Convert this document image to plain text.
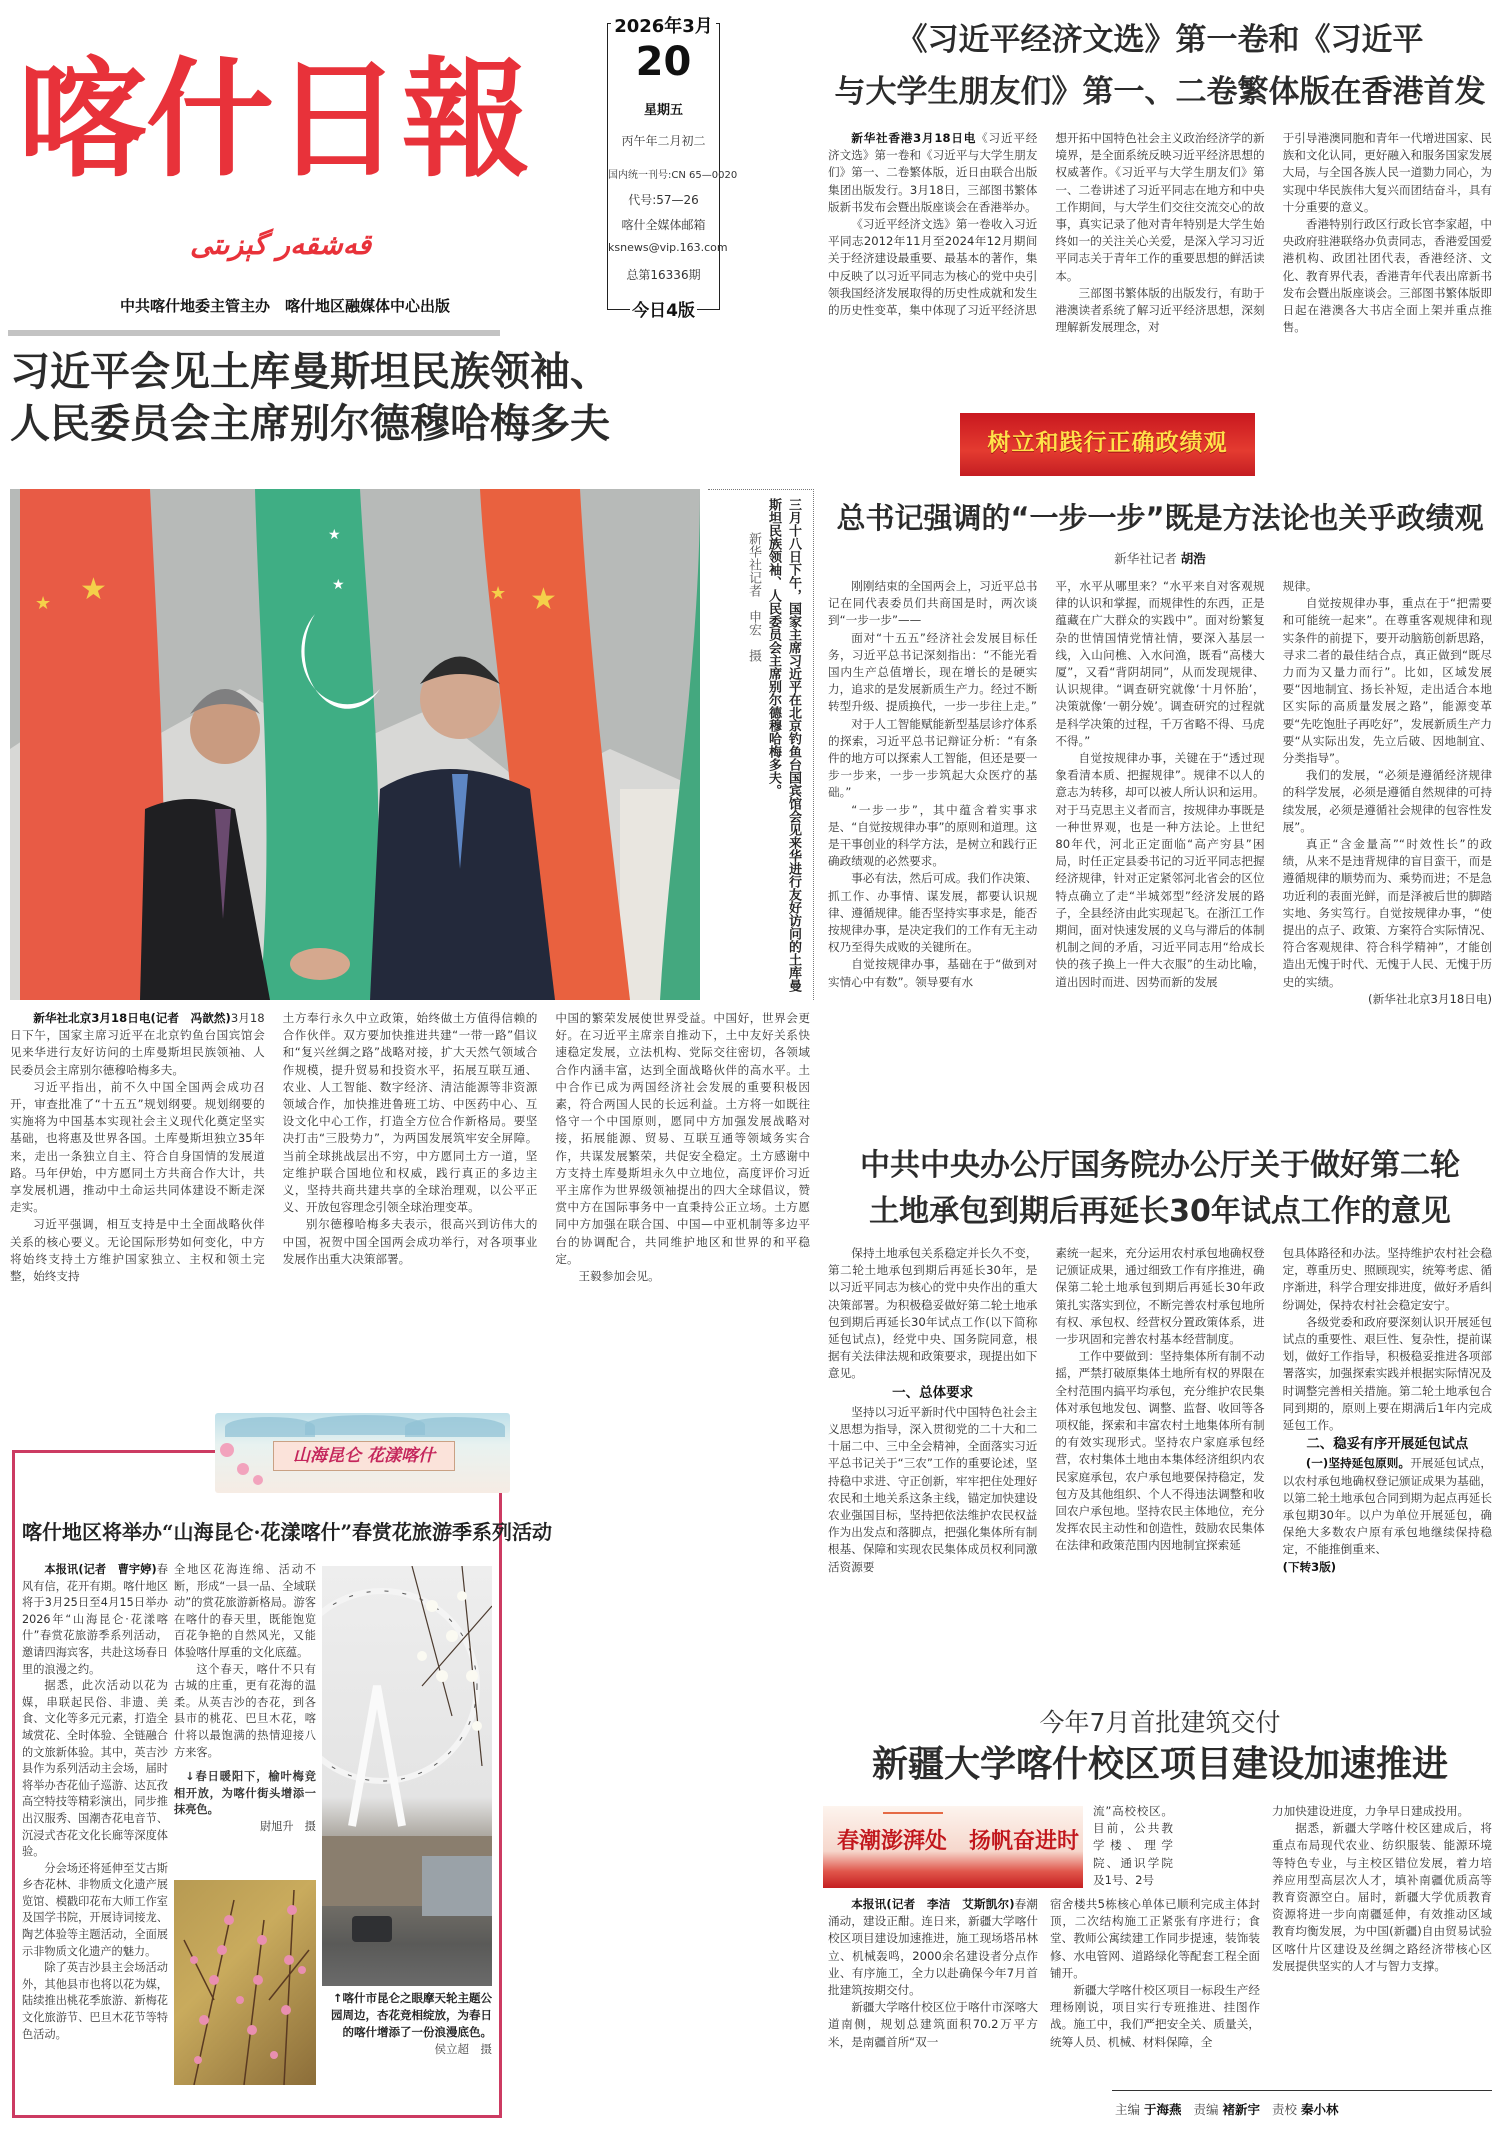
喀什日報
قەشقەر گېزىتى
中共喀什地委主管主办　喀什地区融媒体中心出版
2026年3月
20
星期五
丙午年二月初二
国内统一刊号:CN 65—0020
代号:57—26
喀什全媒体邮箱
ksnews@vip.163.com
总第16336期
今日4版
习近平会见土库曼斯坦民族领袖、
人民委员会主席别尔德穆哈梅多夫
★
★	★
★
★
★	三月十八日下午，国家主席习近平在北京钓鱼台国宾馆会见来华进行友好访问的土库曼斯坦民族领袖、人民委员会主席别尔德穆哈梅多夫。
新华社记者　申宏　摄

新华社北京3月18日电(记者　冯歆然)3月18日下午，国家主席习近平在北京钓鱼台国宾馆会见来华进行友好访问的土库曼斯坦民族领袖、人民委员会主席别尔德穆哈梅多夫。

习近平指出，前不久中国全国两会成功召开，审查批准了“十五五”规划纲要。规划纲要的实施将为中国基本实现社会主义现代化奠定坚实基础，也将惠及世界各国。土库曼斯坦独立35年来，走出一条独立自主、符合自身国情的发展道路。马年伊始，中方愿同土方共商合作大计，共享发展机遇，推动中土命运共同体建设不断走深走实。

习近平强调，相互支持是中土全面战略伙伴关系的核心要义。无论国际形势如何变化，中方将始终支持土方维护国家独立、主权和领土完整，始终支持

土方奉行永久中立政策，始终做土方值得信赖的合作伙伴。双方要加快推进共建“一带一路”倡议和“复兴丝绸之路”战略对接，扩大天然气领域合作规模，提升贸易和投资水平，拓展互联互通、农业、人工智能、数字经济、清洁能源等非资源领域合作，加快推进鲁班工坊、中医药中心、互设文化中心工作，打造全方位合作新格局。要坚决打击“三股势力”，为两国发展筑牢安全屏障。当前全球挑战层出不穷，中方愿同土方一道，坚定维护联合国地位和权威，践行真正的多边主义，坚持共商共建共享的全球治理观，以公平正义、开放包容理念引领全球治理变革。

别尔德穆哈梅多夫表示，很高兴到访伟大的中国，祝贺中国全国两会成功举行，对各项事业发展作出重大决策部署。

中国的繁荣发展使世界受益。中国好，世界会更好。在习近平主席亲自推动下，土中友好关系快速稳定发展，立法机构、党际交往密切，各领域合作内涵丰富，达到全面战略伙伴的高水平。土中合作已成为两国经济社会发展的重要积极因素，符合两国人民的长远利益。土方将一如既往恪守一个中国原则，愿同中方加强发展战略对接，拓展能源、贸易、互联互通等领域务实合作，共谋发展繁荣，共促安全稳定。土方感谢中方支持土库曼斯坦永久中立地位，高度评价习近平主席作为世界级领袖提出的四大全球倡议，赞赏中方在国际事务中一直秉持公正立场。土方愿同中方加强在联合国、中国—中亚机制等多边平台的协调配合，共同维护地区和世界的和平稳定。

王毅参加会见。

《习近平经济文选》第一卷和《习近平
与大学生朋友们》第一、二卷繁体版在香港首发

新华社香港3月18日电《习近平经济文选》第一卷和《习近平与大学生朋友们》第一、二卷繁体版，近日由联合出版集团出版发行。3月18日，三部图书繁体版新书发布会暨出版座谈会在香港举办。

《习近平经济文选》第一卷收入习近平同志2012年11月至2024年12月期间关于经济建设最重要、最基本的著作，集中反映了以习近平同志为核心的党中央引领我国经济发展取得的历史性成就和发生的历史性变革，集中体现了习近平经济思

想开拓中国特色社会主义政治经济学的新境界，是全面系统反映习近平经济思想的权威著作。《习近平与大学生朋友们》第一、二卷讲述了习近平同志在地方和中央工作期间，与大学生们交往交流交心的故事，真实记录了他对青年特别是大学生始终如一的关注关心关爱，是深入学习习近平同志关于青年工作的重要思想的鲜活读本。

三部图书繁体版的出版发行，有助于港澳读者系统了解习近平经济思想，深刻理解新发展理念，对

于引导港澳同胞和青年一代增进国家、民族和文化认同，更好融入和服务国家发展大局，与全国各族人民一道勠力同心，为实现中华民族伟大复兴而团结奋斗，具有十分重要的意义。

香港特别行政区行政长官李家超，中央政府驻港联络办负责同志，香港爱国爱港机构、政团社团代表，香港经济、文化、教育界代表，香港青年代表出席新书发布会暨出版座谈会。三部图书繁体版即日起在港澳各大书店全面上架并重点推售。

树立和践行正确政绩观
总书记强调的“一步一步”既是方法论也关乎政绩观
新华社记者 胡浩

刚刚结束的全国两会上，习近平总书记在同代表委员们共商国是时，两次谈到“一步一步”——

面对“十五五”经济社会发展目标任务，习近平总书记深刻指出：“不能光看国内生产总值增长，现在增长的是硬实力，追求的是发展新质生产力。经过不断转型升级、提质换代，一步一步往上走。”

对于人工智能赋能新型基层诊疗体系的探索，习近平总书记辩证分析：“有条件的地方可以探索人工智能，但还是要一步一步来，一步一步筑起大众医疗的基础。”

“一步一步”，其中蕴含着实事求是、“自觉按规律办事”的原则和道理。这是干事创业的科学方法，是树立和践行正确政绩观的必然要求。

事必有法，然后可成。我们作决策、抓工作、办事情、谋发展，都要认识规律、遵循规律。能否坚持实事求是，能否按规律办事，是决定我们的工作有无主动权乃至得失成败的关键所在。

自觉按规律办事，基础在于“做到对实情心中有数”。领导要有水

平，水平从哪里来？“水平来自对客观规律的认识和掌握，而规律性的东西，正是蕴藏在广大群众的实践中”。面对纷繁复杂的世情国情党情社情，要深入基层一线，入山问樵、入水问渔，既看“高楼大厦”，又看“背阴胡同”，从而发现规律、认识规律。“调查研究就像‘十月怀胎’，决策就像‘一朝分娩’。调查研究的过程就是科学决策的过程，千万省略不得、马虎不得。”

自觉按规律办事，关键在于“透过现象看清本质、把握规律”。规律不以人的意志为转移，却可以被人所认识和运用。对于马克思主义者而言，按规律办事既是一种世界观，也是一种方法论。上世纪80年代，河北正定面临“高产穷县”困局，时任正定县委书记的习近平同志把握经济规律，针对正定紧邻河北省会的区位特点确立了走“半城郊型”经济发展的路子，全县经济由此实现起飞。在浙江工作期间，面对快速发展的义乌与滞后的体制机制之间的矛盾，习近平同志用“给成长快的孩子换上一件大衣服”的生动比喻，道出因时而进、因势而新的发展

规律。

自觉按规律办事，重点在于“把需要和可能统一起来”。在尊重客观规律和现实条件的前提下，要开动脑筋创新思路，寻求二者的最佳结合点，真正做到“既尽力而为又量力而行”。比如，区域发展要“因地制宜、扬长补短，走出适合本地区实际的高质量发展之路”，能源变革要“先吃饱肚子再吃好”，发展新质生产力要“从实际出发，先立后破、因地制宜、分类指导”。

我们的发展，“必须是遵循经济规律的科学发展，必须是遵循自然规律的可持续发展，必须是遵循社会规律的包容性发展”。

真正“含金量高”“时效性长”的政绩，从来不是违背规律的盲目蛮干，而是遵循规律的顺势而为、乘势而进；不是急功近利的表面光鲜，而是泽被后世的脚踏实地、务实笃行。自觉按规律办事，“使提出的点子、政策、方案符合实际情况、符合客观规律、符合科学精神”，才能创造出无愧于时代、无愧于人民、无愧于历史的实绩。

(新华社北京3月18日电)
中共中央办公厅国务院办公厅关于做好第二轮
土地承包到期后再延长30年试点工作的意见

保持土地承包关系稳定并长久不变，第二轮土地承包到期后再延长30年，是以习近平同志为核心的党中央作出的重大决策部署。为积极稳妥做好第二轮土地承包到期后再延长30年试点工作(以下简称延包试点)，经党中央、国务院同意，根据有关法律法规和政策要求，现提出如下意见。

一、总体要求

坚持以习近平新时代中国特色社会主义思想为指导，深入贯彻党的二十大和二十届二中、三中全会精神，全面落实习近平总书记关于“三农”工作的重要论述，坚持稳中求进、守正创新，牢牢把住处理好农民和土地关系这条主线，锚定加快建设农业强国目标，坚持把依法维护农民权益作为出发点和落脚点，把强化集体所有制根基、保障和实现农民集体成员权利同激活资源要

素统一起来，充分运用农村承包地确权登记颁证成果，通过细致工作有序推进，确保第二轮土地承包到期后再延长30年政策扎实落实到位，不断完善农村承包地所有权、承包权、经营权分置政策体系，进一步巩固和完善农村基本经营制度。

工作中要做到：坚持集体所有制不动摇，严禁打破原集体土地所有权的界限在全村范围内搞平均承包，充分维护农民集体对承包地发包、调整、监督、收回等各项权能，探索和丰富农村土地集体所有制的有效实现形式。坚持农户家庭承包经营，农村集体土地由本集体经济组织内农民家庭承包，农户承包地要保持稳定，发包方及其他组织、个人不得违法调整和收回农户承包地。坚持农民主体地位，充分发挥农民主动性和创造性，鼓励农民集体在法律和政策范围内因地制宜探索延

包具体路径和办法。坚持维护农村社会稳定，尊重历史、照顾现实，统筹考虑、循序渐进，科学合理安排进度，做好矛盾纠纷调处，保持农村社会稳定安宁。

各级党委和政府要深刻认识开展延包试点的重要性、艰巨性、复杂性，提前谋划，做好工作指导，积极稳妥推进各项部署落实，加强探索实践并根据实际情况及时调整完善相关措施。第二轮土地承包合同到期的，原则上要在期满后1年内完成延包工作。

二、稳妥有序开展延包试点

(一)坚持延包原则。开展延包试点，以农村承包地确权登记颁证成果为基础，以第二轮土地承包合同到期为起点再延长承包期30年。以户为单位开展延包，确保绝大多数农户原有承包地继续保持稳定，不能推倒重来、

(下转3版)
今年7月首批建筑交付
新疆大学喀什校区项目建设加速推进
春潮澎湃处　扬帆奋进时
流”高校校区。目前，公共教学楼、理学院、通识学院及1号、2号

本报讯(记者　李洁　艾斯凯尔)春潮涌动，建设正酣。连日来，新疆大学喀什校区项目建设加速推进，施工现场塔吊林立、机械轰鸣，2000余名建设者分点作业、有序施工，全力以赴确保今年7月首批建筑按期交付。

新疆大学喀什校区位于喀什市深喀大道南侧，规划总建筑面积70.2万平方米，是南疆首所“双一

宿舍楼共5栋核心单体已顺利完成主体封顶，二次结构施工正紧张有序进行；食堂、教师公寓续建工作同步提速，装饰装修、水电管网、道路绿化等配套工程全面铺开。

新疆大学喀什校区项目一标段生产经理杨刚说，项目实行专班推进、挂图作战。施工中，我们严把安全关、质量关，统筹人员、机械、材料保障，全

力加快建设进度，力争早日建成投用。

据悉，新疆大学喀什校区建成后，将重点布局现代农业、纺织服装、能源环境等特色专业，与主校区错位发展，着力培养应用型高层次人才，填补南疆优质高等教育资源空白。届时，新疆大学优质教育资源将进一步向南疆延伸，有效推动区域教育均衡发展，为中国(新疆)自由贸易试验区喀什片区建设及丝绸之路经济带核心区发展提供坚实的人才与智力支撑。

主编 于海燕 责编 褚新宇 责校 秦小林
山海昆仑 花漾喀什
喀什地区将举办“山海昆仑·花漾喀什”春赏花旅游季系列活动

本报讯(记者　曹宇婷)春风有信，花开有期。喀什地区将于3月25日至4月15日举办2026年“山海昆仑·花漾喀什”春赏花旅游季系列活动，邀请四海宾客，共赴这场春日里的浪漫之约。

据悉，此次活动以花为媒，串联起民俗、非遗、美食、文化等多元元素，打造全域赏花、全时体验、全链融合的文旅新体验。其中，英吉沙县作为系列活动主会场，届时将举办杏花仙子巡游、达瓦孜高空特技等精彩演出，同步推出汉服秀、国潮杏花电音节、沉浸式杏花文化长廊等深度体验。

分会场还将延伸至艾古斯乡杏花林、非物质文化遗产展览馆、模戳印花布大师工作室及国学书院，开展诗词接龙、陶艺体验等主题活动，全面展示非物质文化遗产的魅力。

除了英吉沙县主会场活动外，其他县市也将以花为媒，陆续推出桃花季旅游、新梅花文化旅游节、巴旦木花节等特色活动。

全地区花海连绵、活动不断，形成“一县一品、全域联动”的赏花旅游新格局。游客在喀什的春天里，既能饱览百花争艳的自然风光，又能体验喀什厚重的文化底蕴。

这个春天，喀什不只有古城的庄重，更有花海的温柔。从英吉沙的杏花，到各县市的桃花、巴旦木花，喀什将以最饱满的热情迎接八方来客。

↓春日暖阳下，榆叶梅竞相开放，为喀什街头增添一抹亮色。
尉旭升　摄
↑喀什市昆仑之眼摩天轮主题公园周边，杏花竞相绽放，为春日的喀什增添了一份浪漫底色。
侯立超　摄
